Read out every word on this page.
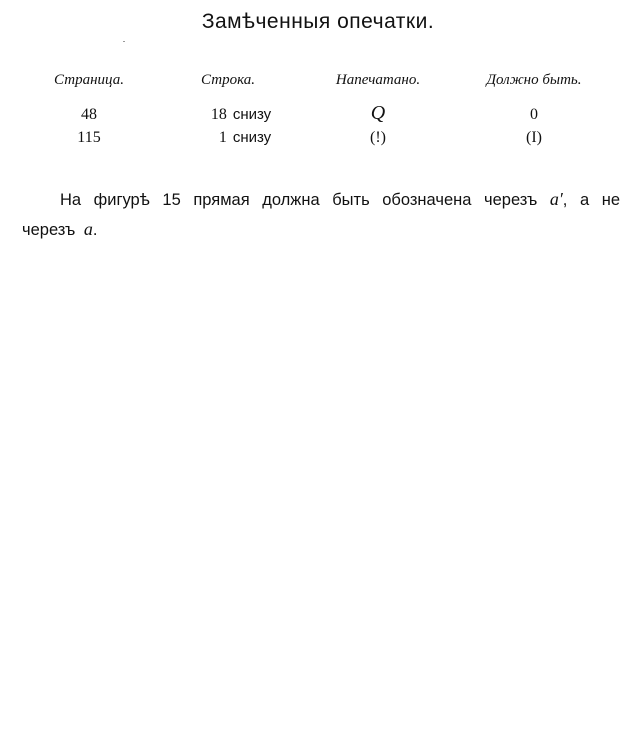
Замѣченныя опечатки.
Страница.	Строка.	Напечатано.	Должно быть.
48	18 снизу	Q	0
115	1 снизу	(!)	(I)

На фигурѣ 15 прямая должна быть обозначена черезъ a′, а не черезъ a.
